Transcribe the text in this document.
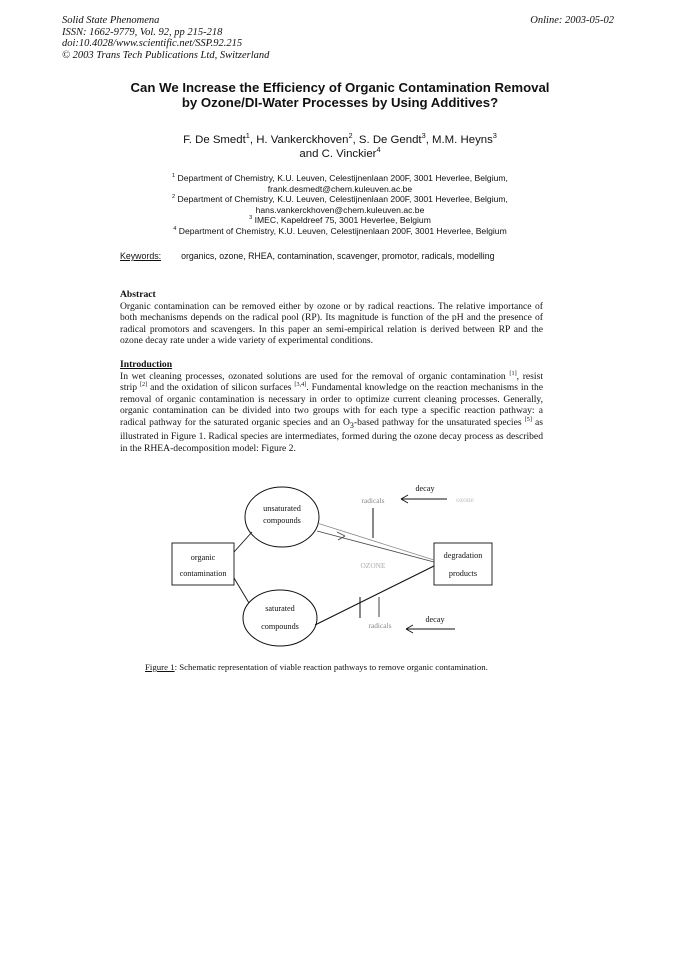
Solid State Phenomena
ISSN: 1662-9779, Vol. 92, pp 215-218
doi:10.4028/www.scientific.net/SSP.92.215
© 2003 Trans Tech Publications Ltd, Switzerland
Online: 2003-05-02
Can We Increase the Efficiency of Organic Contamination Removal
by Ozone/DI-Water Processes by Using Additives?
F. De Smedt$^1$, H. Vankerckhoven$^2$, S. De Gendt$^3$, M.M. Heyns$^3$
and C. Vinckier$^4$
$^1$ Department of Chemistry, K.U. Leuven, Celestijnenlaan 200F, 3001 Heverlee, Belgium,
frank.desmedt@chem.kuleuven.ac.be
$^2$ Department of Chemistry, K.U. Leuven, Celestijnenlaan 200F, 3001 Heverlee, Belgium,
hans.vankerckhoven@chem.kuleuven.ac.be
$^3$ IMEC, Kapeldreef 75, 3001 Heverlee, Belgium
$^4$ Department of Chemistry, K.U. Leuven, Celestijnenlaan 200F, 3001 Heverlee, Belgium
Keywords: organics, ozone, RHEA, contamination, scavenger, promotor, radicals, modelling
Abstract
Organic contamination can be removed either by ozone or by radical reactions. The relative importance of both mechanisms depends on the radical pool (RP). Its magnitude is function of the pH and the presence of radical promotors and scavengers. In this paper an semi-empirical relation is derived between RP and the ozone decay rate under a wide variety of experimental conditions.
Introduction
In wet cleaning processes, ozonated solutions are used for the removal of organic contamination [1], resist strip [2] and the oxidation of silicon surfaces [3,4]. Fundamental knowledge on the reaction mechanisms in the removal of organic contamination is necessary in order to optimize current cleaning processes. Generally, organic contamination can be divided into two groups with for each type a specific reaction pathway: a radical pathway for the saturated organic species and an $O_3$-based pathway for the unsaturated species [5] as illustrated in Figure 1. Radical species are intermediates, formed during the ozone decay process as described in the RHEA-decomposition model: Figure 2.
organic
contamination
degradation
products
unsaturated
compounds
saturated
compounds
decay
ozone
radicals
OZONE
radicals
decay
Figure 1: Schematic representation of viable reaction pathways to remove organic contamination.
